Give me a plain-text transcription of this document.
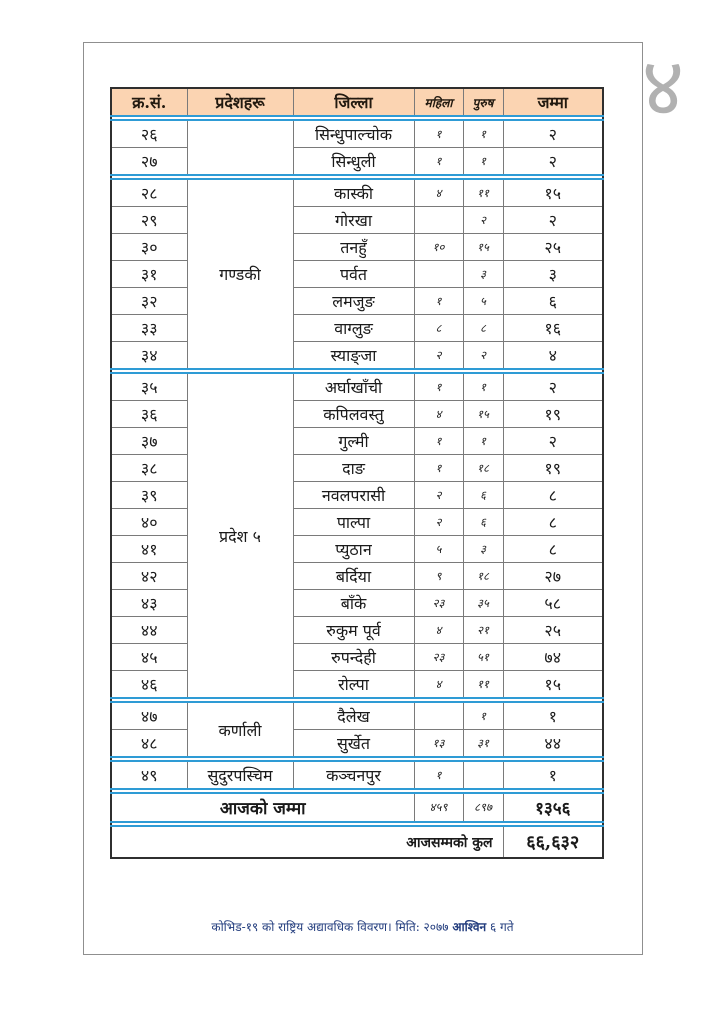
४
क्र.सं.	प्रदेशहरू	जिल्ला	महिला	पुरुष	जम्मा

२६		सिन्धुपाल्चोक	१	१	२
२७		सिन्धुली	१	१	२

२८	गण्डकी	कास्की	४	११	१५
२९		गोरखा		२	२
३०		तनहुँ	१०	१५	२५
३१		पर्वत		३	३
३२		लमजुङ	१	५	६
३३		वाग्लुङ	८	८	१६
३४		स्याङ्जा	२	२	४

३५	प्रदेश ५	अर्घाखाँची	१	१	२
३६		कपिलवस्तु	४	१५	१९
३७		गुल्मी	१	१	२
३८		दाङ	१	१८	१९
३९		नवलपरासी	२	६	८
४०		पाल्पा	२	६	८
४१		प्युठान	५	३	८
४२		बर्दिया	९	१८	२७
४३		बाँके	२३	३५	५८
४४		रुकुम पूर्व	४	२१	२५
४५		रुपन्देही	२३	५१	७४
४६		रोल्पा	४	११	१५

४७	कर्णाली	दैलेख		१	१
४८		सुर्खेत	१३	३१	४४

४९	सुदुरपस्चिम	कञ्चनपुर	१		१

आजको जम्मा			४५९	८९७	१३५६

आजसम्मको कुल					६६,६३२
कोभिड-१९ को राष्ट्रिय अद्यावधिक विवरण। मिति: २०७७ आश्विन ६ गते
